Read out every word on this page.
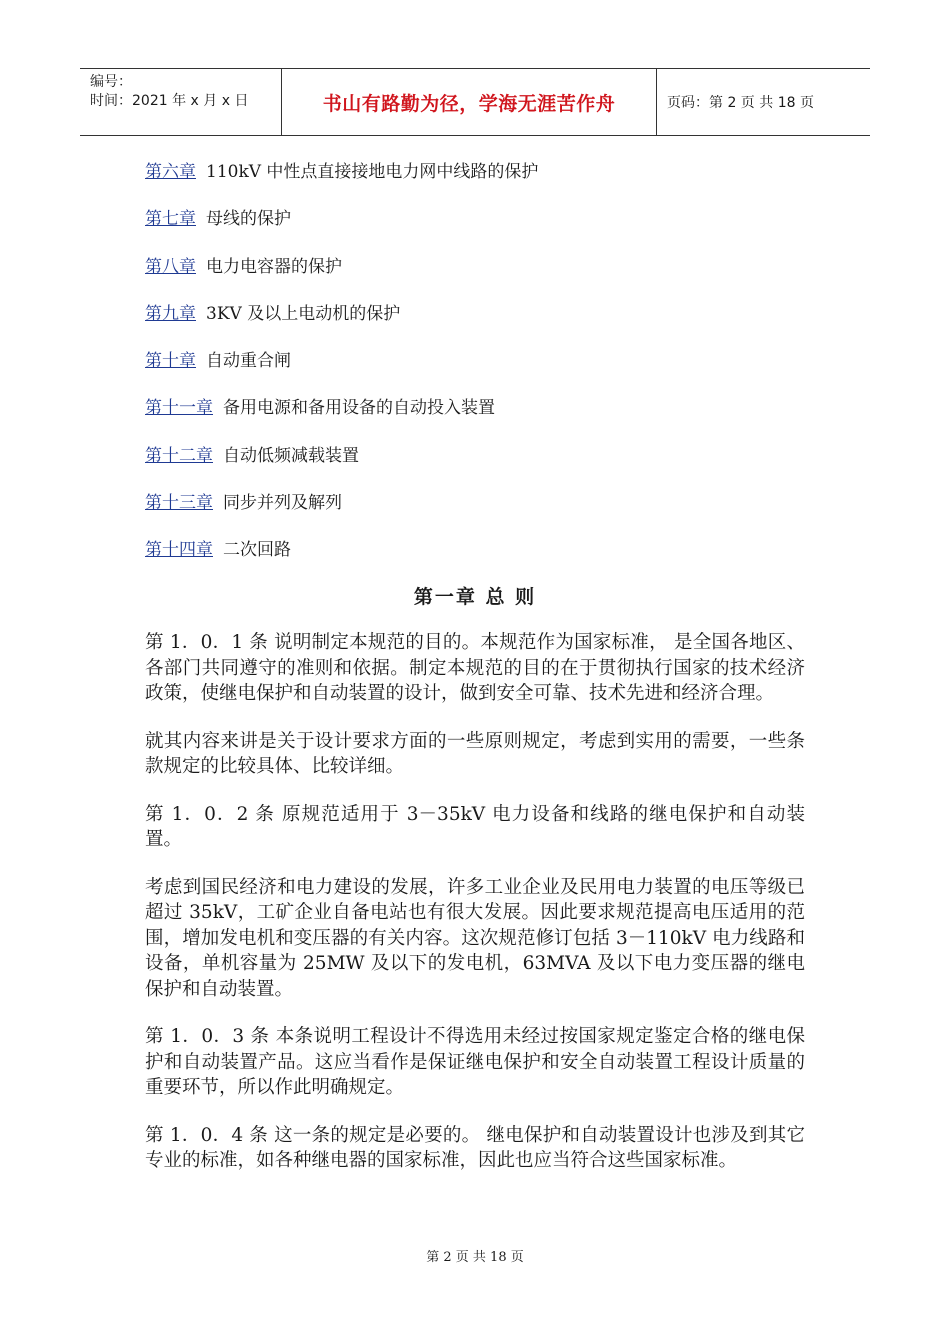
编号：
时间：2021 年 x 月 x 日	书山有路勤为径，学海无涯苦作舟	页码：第 2 页 共 18 页
第六章 110kV 中性点直接接地电力网中线路的保护
第七章 母线的保护
第八章 电力电容器的保护
第九章 3KV 及以上电动机的保护
第十章 自动重合闸
第十一章 备用电源和备用设备的自动投入装置
第十二章 自动低频减载装置
第十三章 同步并列及解列
第十四章 二次回路
第一章 总 则

第 1．0．1 条 说明制定本规范的目的。本规范作为国家标准， 是全国各地区、各部门共同遵守的准则和依据。制定本规范的目的在于贯彻执行国家的技术经济政策，使继电保护和自动装置的设计，做到安全可靠、技术先进和经济合理。

就其内容来讲是关于设计要求方面的一些原则规定，考虑到实用的需要，一些条款规定的比较具体、比较详细。

第 1．0．2 条 原规范适用于 3－35kV 电力设备和线路的继电保护和自动装置。

考虑到国民经济和电力建设的发展，许多工业企业及民用电力装置的电压等级已超过 35kV，工矿企业自备电站也有很大发展。因此要求规范提高电压适用的范围，增加发电机和变压器的有关内容。这次规范修订包括 3－110kV 电力线路和设备，单机容量为 25MW 及以下的发电机，63MVA 及以下电力变压器的继电保护和自动装置。

第 1．0．3 条 本条说明工程设计不得选用未经过按国家规定鉴定合格的继电保护和自动装置产品。这应当看作是保证继电保护和安全自动装置工程设计质量的重要环节，所以作此明确规定。

第 1．0．4 条 这一条的规定是必要的。 继电保护和自动装置设计也涉及到其它专业的标准，如各种继电器的国家标准，因此也应当符合这些国家标准。

第 2 页 共 18 页
